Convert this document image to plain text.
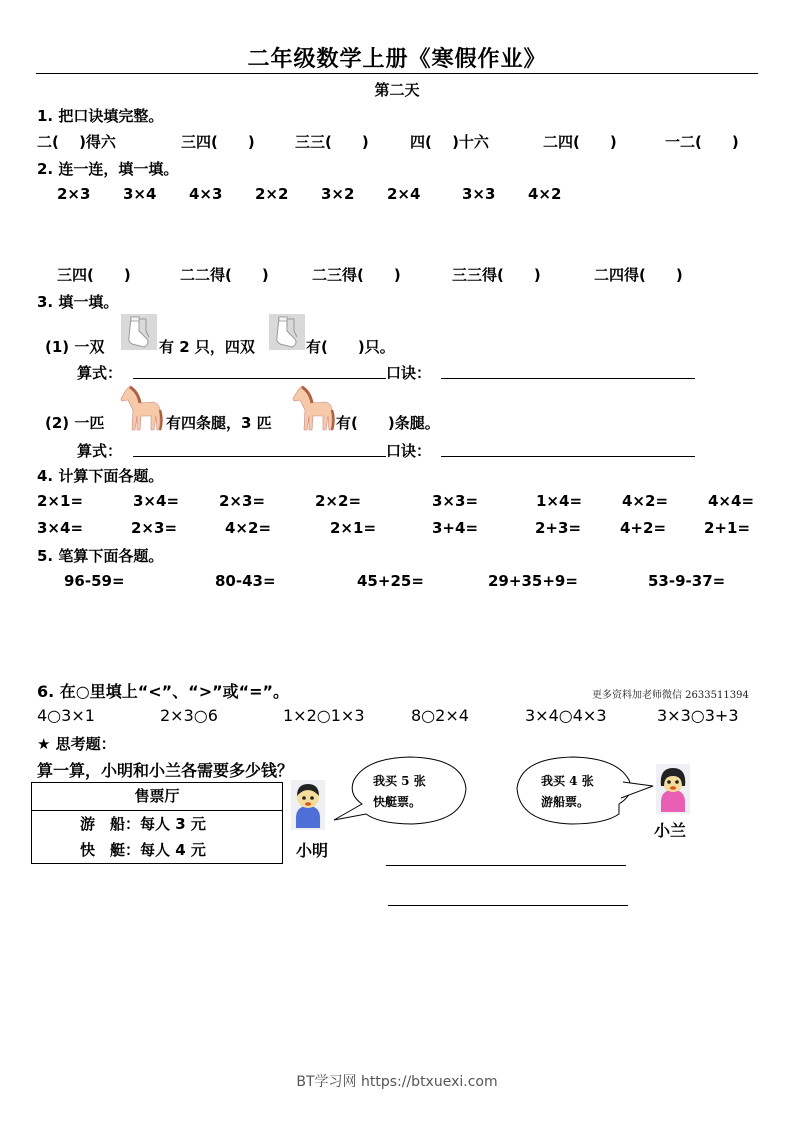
二年级数学上册《寒假作业》
第二天
1. 把口诀填完整。
二(　 )得六	三四(　　)	三三(　　)	四(　 )十六	二四(　　)	一二(　　)
2. 连一连，填一填。
2×3 3×4 4×3 2×2 3×2 2×4	3×3 4×2
三四(　　)	二二得(　　)	二三得(　　)	三三得(　　)	二四得(　　)
3. 填一填。
(1) 一双	有 2 只，四双	有(　　)只。
算式：	口诀：
(2) 一匹	有四条腿，3 匹	有(　　)条腿。
算式：	口诀：
4. 计算下面各题。
2×1=	3×4=	2×3=	2×2=	3×3=	1×4=	4×2=	4×4=
3×4=	2×3=	4×2=	2×1=	3+4=	2+3=	4+2=	2+1=
5. 笔算下面各题。
96-59=	80-43=	45+25=	29+35+9=	53-9-37=
6. 在○里填上“<”、“>”或“=”。	更多资料加老师微信 2633511394
4○3×1	2×3○6	1×2○1×3	8○2×4	3×4○4×3	3×3○3+3
★ 思考题：
算一算，小明和小兰各需要多少钱？
售票厅
游　船：每人 3 元
快　艇：每人 4 元	小明
我买 5 张
快艇票。
我买 4 张
游船票。
小兰
BT学习网 https://btxuexi.com
